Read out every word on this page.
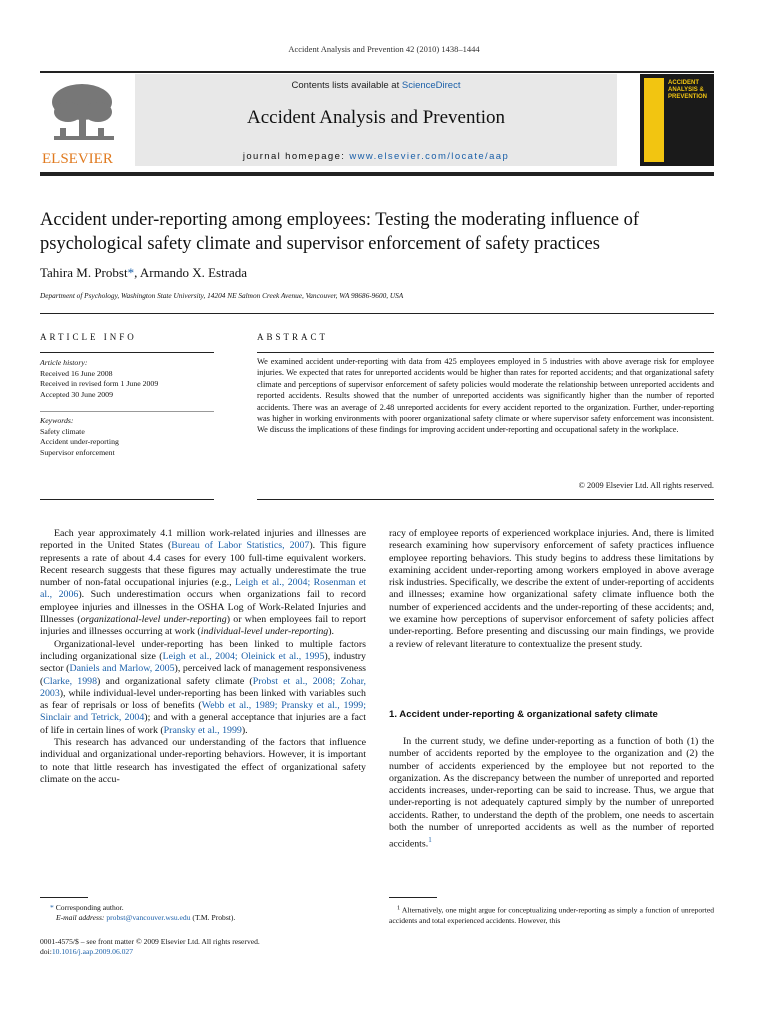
Accident Analysis and Prevention 42 (2010) 1438–1444
ELSEVIER
Contents lists available at ScienceDirect
Accident Analysis and Prevention
journal homepage: www.elsevier.com/locate/aap
ACCIDENT ANALYSIS & PREVENTION
Accident under-reporting among employees: Testing the moderating influence of psychological safety climate and supervisor enforcement of safety practices
Tahira M. Probst*, Armando X. Estrada
Department of Psychology, Washington State University, 14204 NE Salmon Creek Avenue, Vancouver, WA 98686-9600, USA
ARTICLE INFO	ABSTRACT
Article history:
Received 16 June 2008
Received in revised form 1 June 2009
Accepted 30 June 2009
Keywords:
Safety climate
Accident under-reporting
Supervisor enforcement
We examined accident under-reporting with data from 425 employees employed in 5 industries with above average risk for employee injuries. We expected that rates for unreported accidents would be higher than rates for reported accidents; and that organizational safety climate and perceptions of supervisor enforcement of safety policies would moderate the relationship between unreported accidents and reported accidents. Results showed that the number of unreported accidents was significantly higher than the number of reported accidents. There was an average of 2.48 unreported accidents for every accident reported to the organization. Further, under-reporting was higher in working environments with poorer organizational safety climate or where supervisor safety enforcement was inconsistent. We discuss the implications of these findings for improving accident under-reporting and occupational safety in the workplace.
© 2009 Elsevier Ltd. All rights reserved.

Each year approximately 4.1 million work-related injuries and illnesses are reported in the United States (Bureau of Labor Statistics, 2007). This figure represents a rate of about 4.4 cases for every 100 full-time equivalent workers. Recent research suggests that these figures may actually underestimate the true number of non-fatal occupational injuries (e.g., Leigh et al., 2004; Rosenman et al., 2006). Such underestimation occurs when organizations fail to record employee injuries and illnesses in the OSHA Log of Work-Related Injuries and Illnesses (organizational-level under-reporting) or when employees fail to report injuries and illnesses occurring at work (individual-level under-reporting).

Organizational-level under-reporting has been linked to multiple factors including organizational size (Leigh et al., 2004; Oleinick et al., 1995), industry sector (Daniels and Marlow, 2005), perceived lack of management responsiveness (Clarke, 1998) and organizational safety climate (Probst et al., 2008; Zohar, 2003), while individual-level under-reporting has been linked with variables such as fear of reprisals or loss of benefits (Webb et al., 1989; Pransky et al., 1999; Sinclair and Tetrick, 2004); and with a general acceptance that injuries are a fact of life in certain lines of work (Pransky et al., 1999).

This research has advanced our understanding of the factors that influence individual and organizational under-reporting behaviors. However, it is important to note that little research has investigated the effect of organizational safety climate on the accu-

* Corresponding author.
E-mail address: probst@vancouver.wsu.edu (T.M. Probst).
0001-4575/$ – see front matter © 2009 Elsevier Ltd. All rights reserved.
doi:10.1016/j.aap.2009.06.027

racy of employee reports of experienced workplace injuries. And, there is limited research examining how supervisory enforcement of safety practices influence employee reporting behaviors. This study begins to address these limitations by examining accident under-reporting among workers employed in above average risk industries. Specifically, we describe the extent of under-reporting of accidents and illnesses; examine how organizational safety climate influence both the number of experienced accidents and the under-reporting of these accidents; and, we examine how perceptions of supervisor enforcement of safety policies affect under-reporting. Before presenting and discussing our main findings, we provide a review of relevant literature to contextualize the present study.

1. Accident under-reporting & organizational safety climate

In the current study, we define under-reporting as a function of both (1) the number of accidents reported by the employee to the organization and (2) the number of accidents experienced by the employee but not reported to the organization. As the discrepancy between the number of unreported and reported accidents increases, under-reporting can be said to increase. Thus, we argue that under-reporting is not adequately captured simply by the number of unreported accidents. Rather, to understand the depth of the problem, one needs to ascertain both the number of unreported accidents as well as the number of reported accidents.$^1$

$^1$ Alternatively, one might argue for conceptualizing under-reporting as simply a function of unreported accidents and total experienced accidents. However, this
